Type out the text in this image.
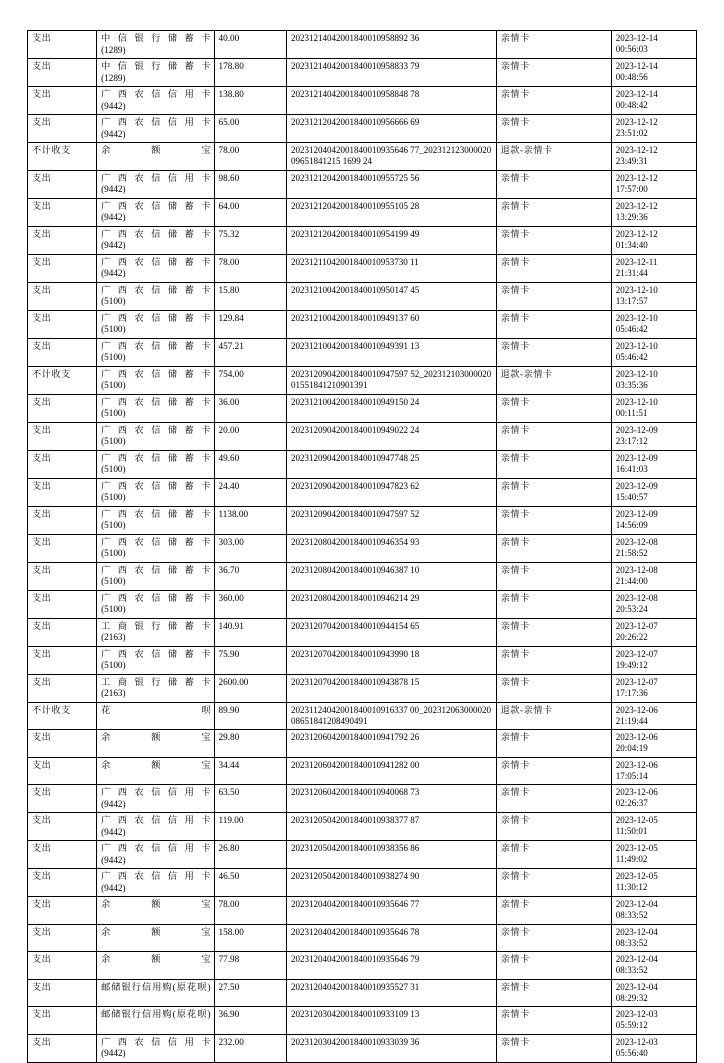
支出	中信银行储蓄卡
(1289)	40.00	20231214042001840010958892 36	亲情卡	2023-12-14
00:56:03

支出	中信银行储蓄卡
(1289)	178.80	20231214042001840010958833 79	亲情卡	2023-12-14
00:48:56

支出	广西农信信用卡
(9442)	138.80	20231214042001840010958848 78	亲情卡	2023-12-14
00:48:42

支出	广西农信信用卡
(9442)	65.00	20231212042001840010956666 69	亲情卡	2023-12-12
23:51:02

不计收支	余额宝	78.00	20231204042001840010935646 77_20231212300002009651841215 1699 24	退款-亲情卡	2023-12-12
23:49:31

支出	广西农信信用卡
(9442)	98.60	20231212042001840010955725 56	亲情卡	2023-12-12
17:57:00

支出	广西农信储蓄卡
(9442)	64.00	20231212042001840010955105 28	亲情卡	2023-12-12
13:29:36

支出	广西农信储蓄卡
(9442)	75.32	20231212042001840010954199 49	亲情卡	2023-12-12
01:34:40

支出	广西农信储蓄卡
(9442)	78.00	20231211042001840010953730 11	亲情卡	2023-12-11
21:31:44

支出	广西农信储蓄卡
(5100)	15.80	20231210042001840010950147 45	亲情卡	2023-12-10
13:17:57

支出	广西农信储蓄卡
(5100)	129.84	20231210042001840010949137 60	亲情卡	2023-12-10
05:46:42

支出	广西农信储蓄卡
(5100)	457.21	20231210042001840010949391 13	亲情卡	2023-12-10
05:46:42

不计收支	广西农信储蓄卡
(5100)	754.00	20231209042001840010947597 52_20231210300002001551841210901391	退款-亲情卡	2023-12-10
03:35:36

支出	广西农信储蓄卡
(5100)	36.00	20231210042001840010949150 24	亲情卡	2023-12-10
00:11:51

支出	广西农信储蓄卡
(5100)	20.00	20231209042001840010949022 24	亲情卡	2023-12-09
23:17:12

支出	广西农信储蓄卡
(5100)	49.60	20231209042001840010947748 25	亲情卡	2023-12-09
16:41:03

支出	广西农信储蓄卡
(5100)	24.40	20231209042001840010947823 62	亲情卡	2023-12-09
15:40:57

支出	广西农信储蓄卡
(5100)	1138.00	20231209042001840010947597 52	亲情卡	2023-12-09
14:56:09

支出	广西农信储蓄卡
(5100)	303.00	20231208042001840010946354 93	亲情卡	2023-12-08
21:58:52

支出	广西农信储蓄卡
(5100)	36.70	20231208042001840010946387 10	亲情卡	2023-12-08
21:44:00

支出	广西农信储蓄卡
(5100)	360.00	20231208042001840010946214 29	亲情卡	2023-12-08
20:53:24

支出	工商银行储蓄卡
(2163)	140.91	20231207042001840010944154 65	亲情卡	2023-12-07
20:26:22

支出	广西农信储蓄卡
(5100)	75.90	20231207042001840010943990 18	亲情卡	2023-12-07
19:49:12

支出	工商银行储蓄卡
(2163)	2600.00	20231207042001840010943878 15	亲情卡	2023-12-07
17:17:36

不计收支	花呗	89.90	20231124042001840010916337 00_20231206300002008651841208490491	退款-亲情卡	2023-12-06
21:19:44

支出	余额宝	29.80	20231206042001840010941792 26	亲情卡	2023-12-06
20:04:19

支出	余额宝	34.44	20231206042001840010941282 00	亲情卡	2023-12-06
17:05:14

支出	广西农信信用卡
(9442)	63.50	20231206042001840010940068 73	亲情卡	2023-12-06
02:26:37

支出	广西农信信用卡
(9442)	119.00	20231205042001840010938377 87	亲情卡	2023-12-05
11:50:01

支出	广西农信信用卡
(9442)	26.80	20231205042001840010938356 86	亲情卡	2023-12-05
11:49:02

支出	广西农信信用卡
(9442)	46.50	20231205042001840010938274 90	亲情卡	2023-12-05
11:30:12

支出	余额宝	78.00	20231204042001840010935646 77	亲情卡	2023-12-04
08:33:52

支出	余额宝	158.00	20231204042001840010935646 78	亲情卡	2023-12-04
08:33:52

支出	余额宝	77.98	20231204042001840010935646 79	亲情卡	2023-12-04
08:33:52

支出	邮储银行信用购(原花呗)	27.50	20231204042001840010935527 31	亲情卡	2023-12-04
08:29:32

支出	邮储银行信用购(原花呗)	36.90	20231203042001840010933109 13	亲情卡	2023-12-03
05:59:12

支出	广西农信信用卡
(9442)	232.00	20231203042001840010933039 36	亲情卡	2023-12-03
05:56:40
